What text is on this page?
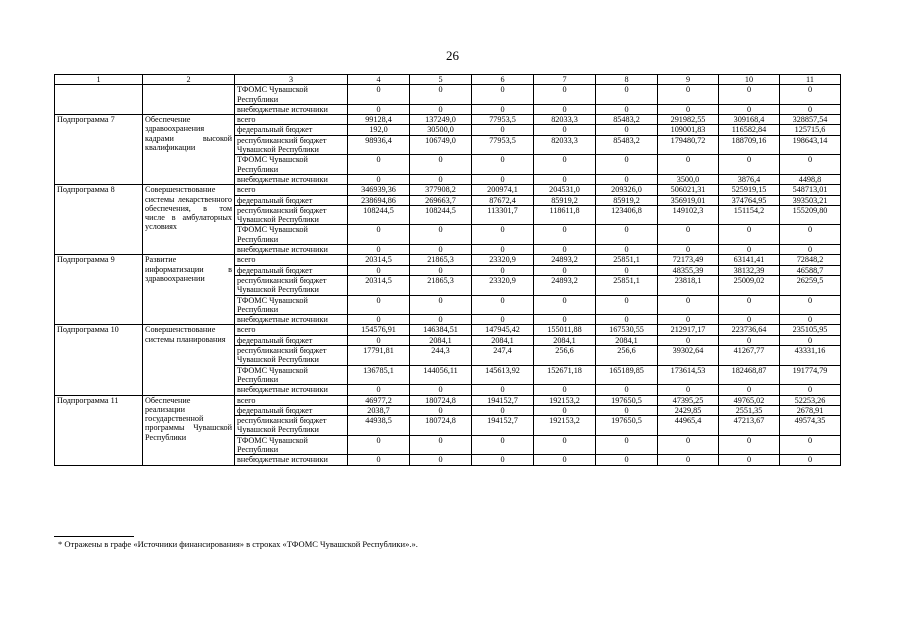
26
1	2	3	4	5	6	7	8	9	10	11
		ТФОМС Чувашской Республики	0	0	0	0	0	0	0	0
		внебюджетные источники	0	0	0	0	0	0	0	0
Подпрограмма 7	Обеспечение здравоохранения кадрами высокой квалификации	всего	99128,4	137249,0	77953,5	82033,3	85483,2	291982,55	309168,4	328857,54
		федеральный бюджет	192,0	30500,0	0	0	0	109001,83	116582,84	125715,6
		республиканский бюджет Чувашской Республики	98936,4	106749,0	77953,5	82033,3	85483,2	179480,72	188709,16	198643,14
		ТФОМС Чувашской Республики	0	0	0	0	0	0	0	0
		внебюджетные источники	0	0	0	0	0	3500,0	3876,4	4498,8
Подпрограмма 8	Совершенствование системы лекарственного обеспечения, в том числе в амбулаторных условиях	всего	346939,36	377908,2	200974,1	204531,0	209326,0	506021,31	525919,15	548713,01
		федеральный бюджет	238694,86	269663,7	87672,4	85919,2	85919,2	356919,01	374764,95	393503,21
		республиканский бюджет Чувашской Республики	108244,5	108244,5	113301,7	118611,8	123406,8	149102,3	151154,2	155209,80
		ТФОМС Чувашской Республики	0	0	0	0	0	0	0	0
		внебюджетные источники	0	0	0	0	0	0	0	0
Подпрограмма 9	Развитие информатизации в здравоохранении	всего	20314,5	21865,3	23320,9	24893,2	25851,1	72173,49	63141,41	72848,2
		федеральный бюджет	0	0	0	0	0	48355,39	38132,39	46588,7
		республиканский бюджет Чувашской Республики	20314,5	21865,3	23320,9	24893,2	25851,1	23818,1	25009,02	26259,5
		ТФОМС Чувашской Республики	0	0	0	0	0	0	0	0
		внебюджетные источники	0	0	0	0	0	0	0	0
Подпрограмма 10	Совершенствование системы планирования	всего	154576,91	146384,51	147945,42	155011,88	167530,55	212917,17	223736,64	235105,95
		федеральный бюджет	0	2084,1	2084,1	2084,1	2084,1	0	0	0
		республиканский бюджет Чувашской Республики	17791,81	244,3	247,4	256,6	256,6	39302,64	41267,77	43331,16
		ТФОМС Чувашской Республики	136785,1	144056,11	145613,92	152671,18	165189,85	173614,53	182468,87	191774,79
		внебюджетные источники	0	0	0	0	0	0	0	0
Подпрограмма 11	Обеспечение реализации государственной программы Чувашской Республики	всего	46977,2	180724,8	194152,7	192153,2	197650,5	47395,25	49765,02	52253,26
		федеральный бюджет	2038,7	0	0	0	0	2429,85	2551,35	2678,91
		республиканский бюджет Чувашской Республики	44938,5	180724,8	194152,7	192153,2	197650,5	44965,4	47213,67	49574,35
		ТФОМС Чувашской Республики	0	0	0	0	0	0	0	0
		внебюджетные источники	0	0	0	0	0	0	0	0
* Отражены в графе «Источники финансирования» в строках «ТФОМС Чувашской Республики».».
